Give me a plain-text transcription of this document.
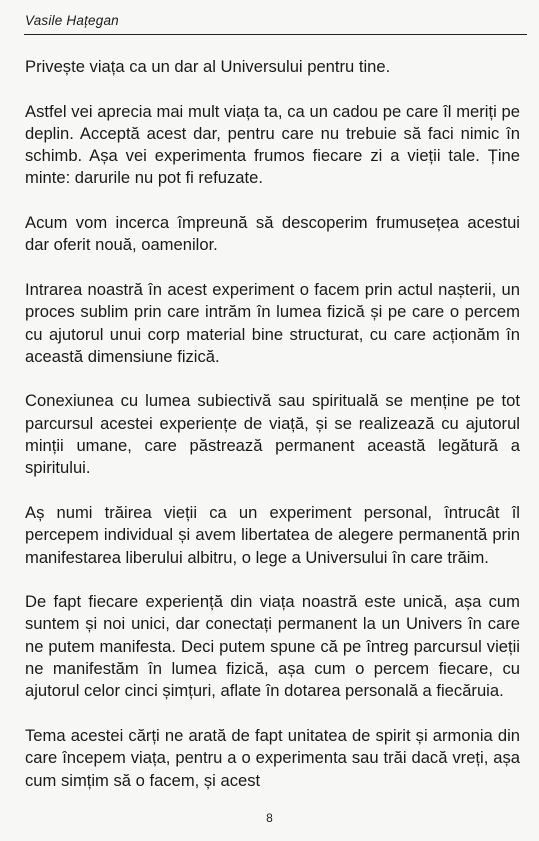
Vasile Hațegan

Privește viața ca un dar al Universului pentru tine.

Astfel vei aprecia mai mult viața ta, ca un cadou pe care îl meriți pe deplin. Acceptă acest dar, pentru care nu trebuie să faci nimic în schimb. Așa vei experimenta frumos fiecare zi a vieții tale. Ține minte: darurile nu pot fi refuzate.

Acum vom incerca împreună să descoperim frumusețea acestui dar oferit nouă, oamenilor.

Intrarea noastră în acest experiment o facem prin actul nașterii, un proces sublim prin care intrăm în lumea fizică și pe care o percem cu ajutorul unui corp material bine structurat, cu care acționăm în această dimensiune fizică.

Conexiunea cu lumea subiectivă sau spirituală se menține pe tot parcursul acestei experiențe de viață, și se realizează cu ajutorul minții umane, care păstrează permanent această legătură a spiritului.

Aș numi trăirea vieții ca un experiment personal, întrucât îl percepem individual și avem libertatea de alegere permanentă prin manifestarea liberului albitru, o lege a Universului în care trăim.

De fapt fiecare experiență din viața noastră este unică, așa cum suntem și noi unici, dar conectați permanent la un Univers în care ne putem manifesta. Deci putem spune că pe întreg parcursul vieții ne manifestăm în lumea fizică, așa cum o percem fiecare, cu ajutorul celor cinci șimțuri, aflate în dotarea personală a fiecăruia.

Tema acestei cărți ne arată de fapt unitatea de spirit și armonia din care începem viața, pentru a o experimenta sau trăi dacă vreți, așa cum simțim să o facem, și acest

8
